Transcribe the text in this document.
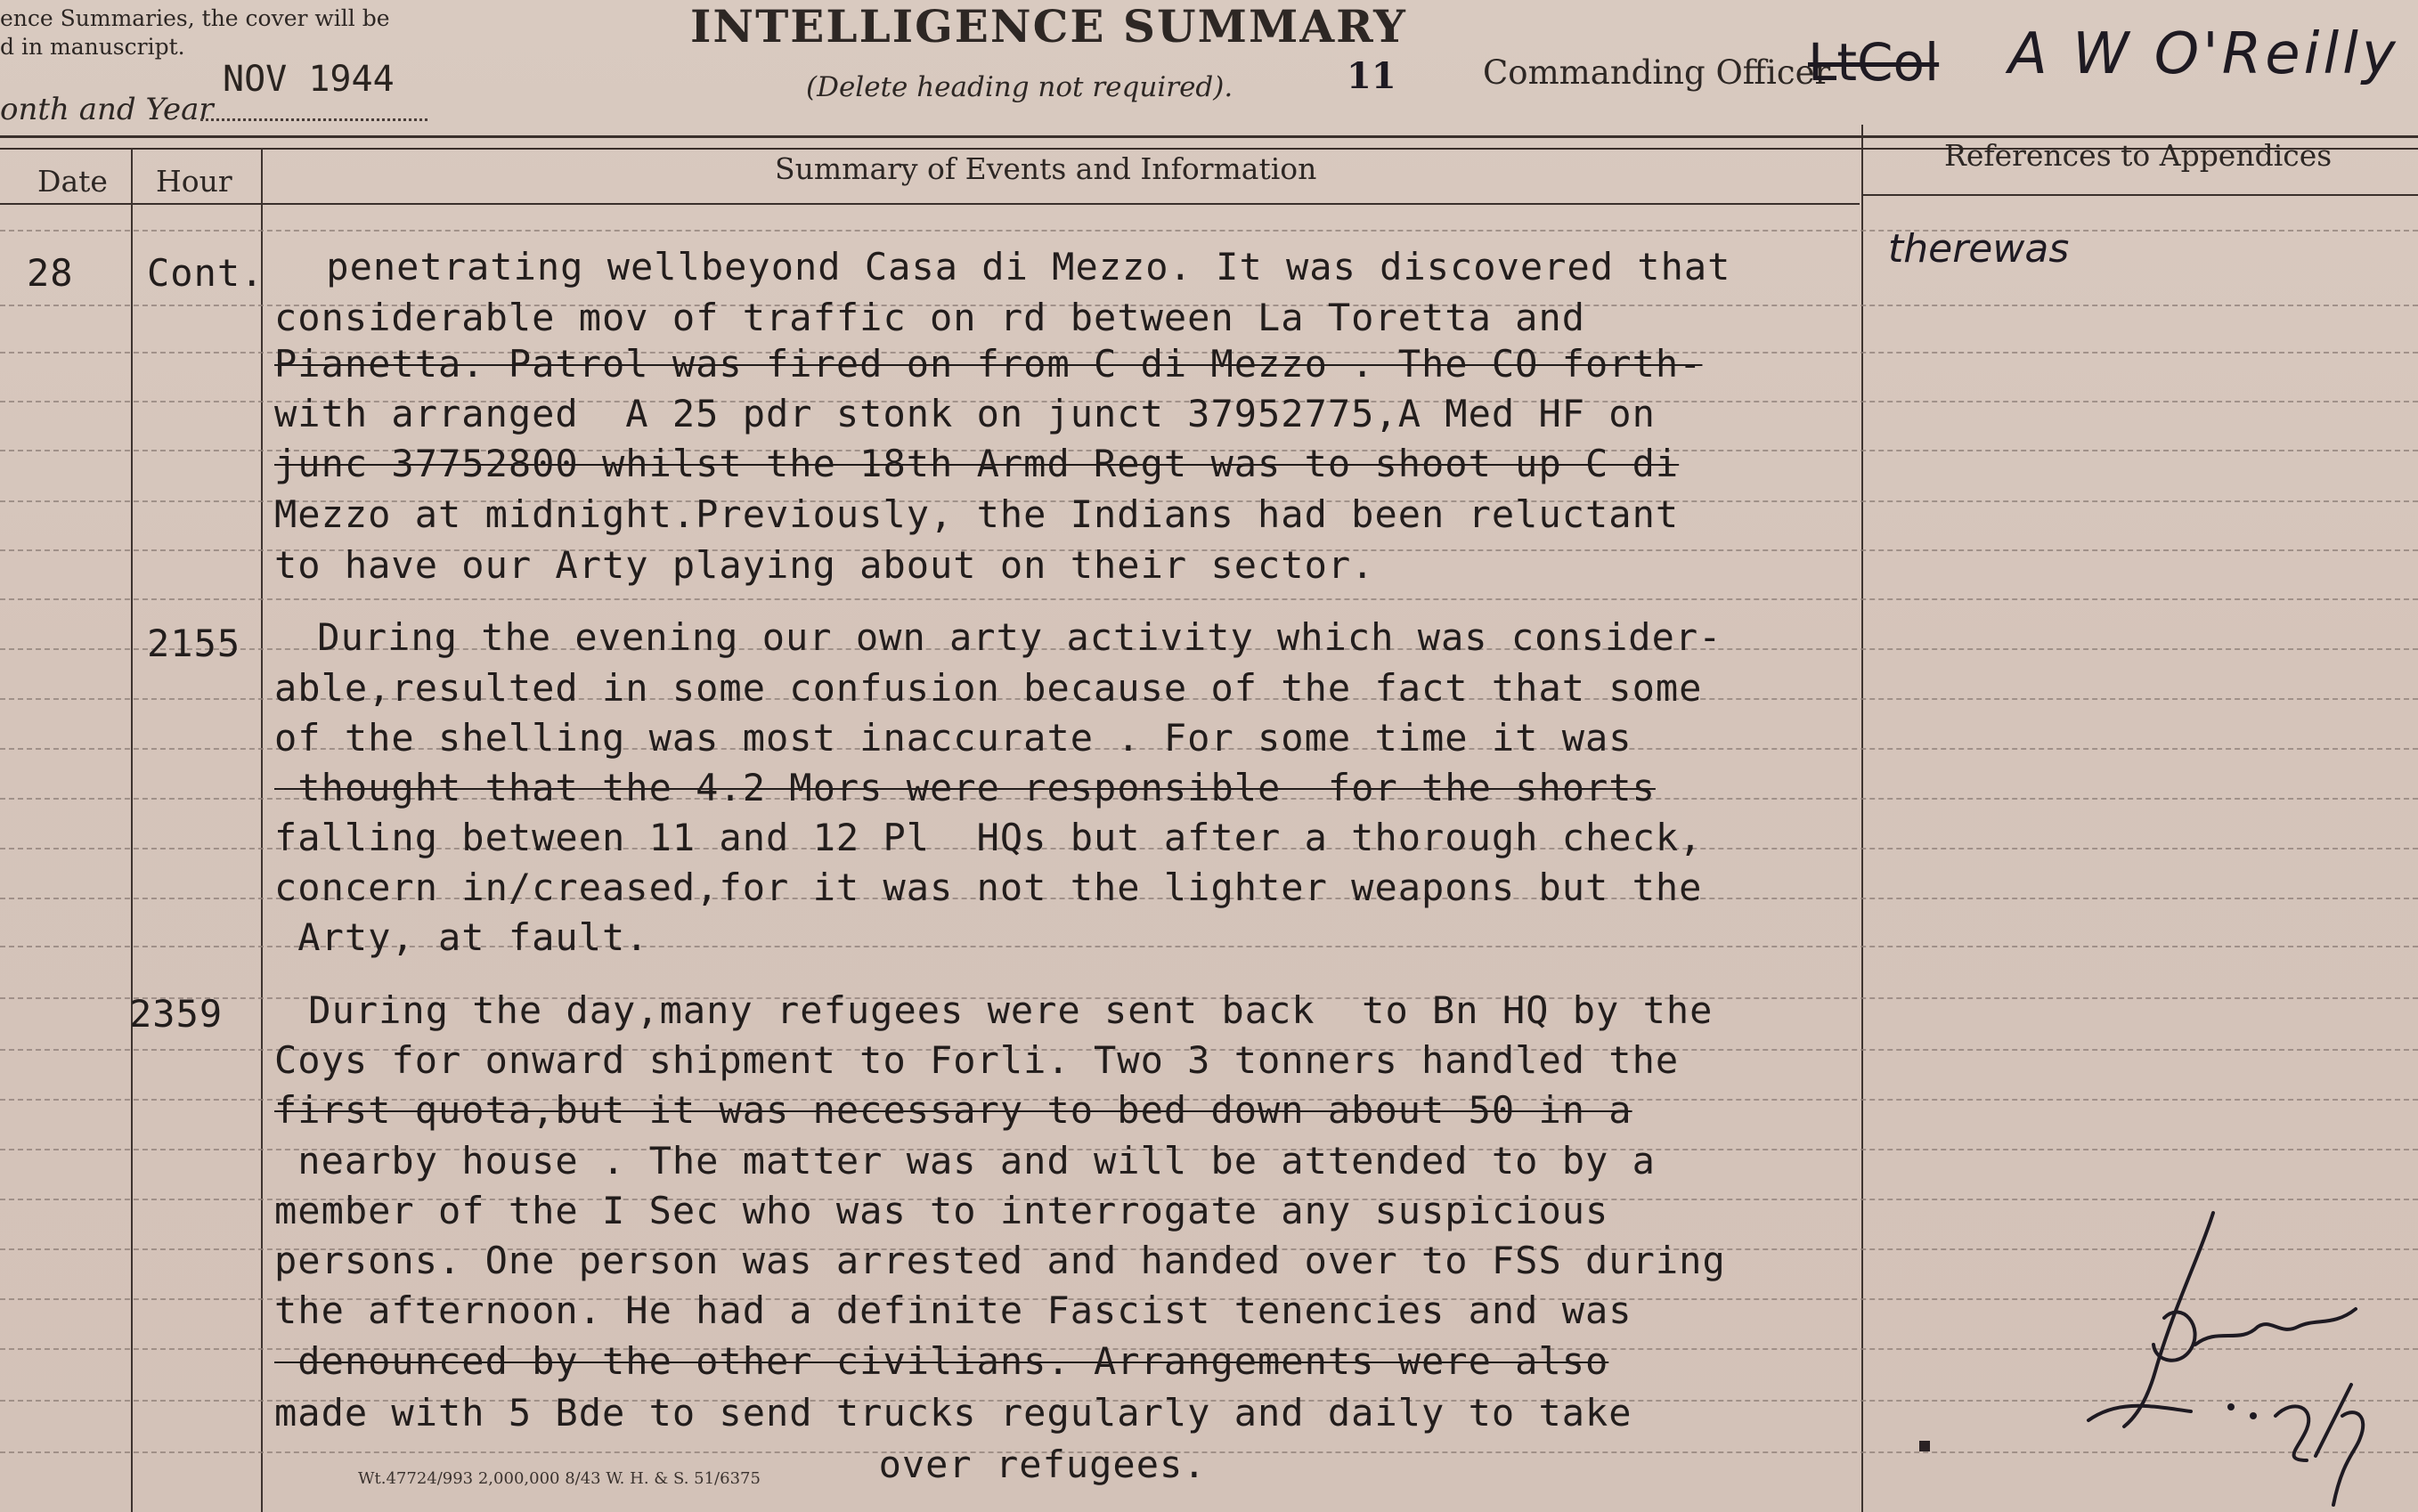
ence Summaries, the cover will be
d in manuscript.
onth and Year
NOV 1944
INTELLIGENCE SUMMARY
(Delete heading not required).	11	Commanding Officer
LtCol A W O'Reilly
Date Hour	Summary of Events and Information	References to Appendices
28 Cont. penetrating wellbeyond Casa di Mezzo. It was discovered that	therewas
considerable mov of traffic on rd between La Toretta and
Pianetta. Patrol was fired on from C di Mezzo . The CO forth-
with arranged  A 25 pdr stonk on junct 37952775,A Med HF on
junc 37752800 whilst the 18th Armd Regt was to shoot up C di
Mezzo at midnight.Previously, the Indians had been reluctant
to have our Arty playing about on their sector.
2155 During the evening our own arty activity which was consider-
able,resulted in some confusion because of the fact that some
of the shelling was most inaccurate . For some time it was
thought that the 4.2 Mors were responsible  for the shorts
falling between 11 and 12 Pl  HQs but after a thorough check,
concern in/creased,for it was not the lighter weapons but the
Arty, at fault.
2359 During the day,many refugees were sent back  to Bn HQ by the
Coys for onward shipment to Forli. Two 3 tonners handled the
first quota,but it was necessary to bed down about 50 in a
nearby house . The matter was and will be attended to by a
member of the I Sec who was to interrogate any suspicious
persons. One person was arrested and handed over to FSS during
the afternoon. He had a definite Fascist tenencies and was
denounced by the other civilians. Arrangements were also
made with 5 Bde to send trucks regularly and daily to take
over refugees.
Wt.47724/993 2,000,000 8/43 W. H. & S. 51/6375
